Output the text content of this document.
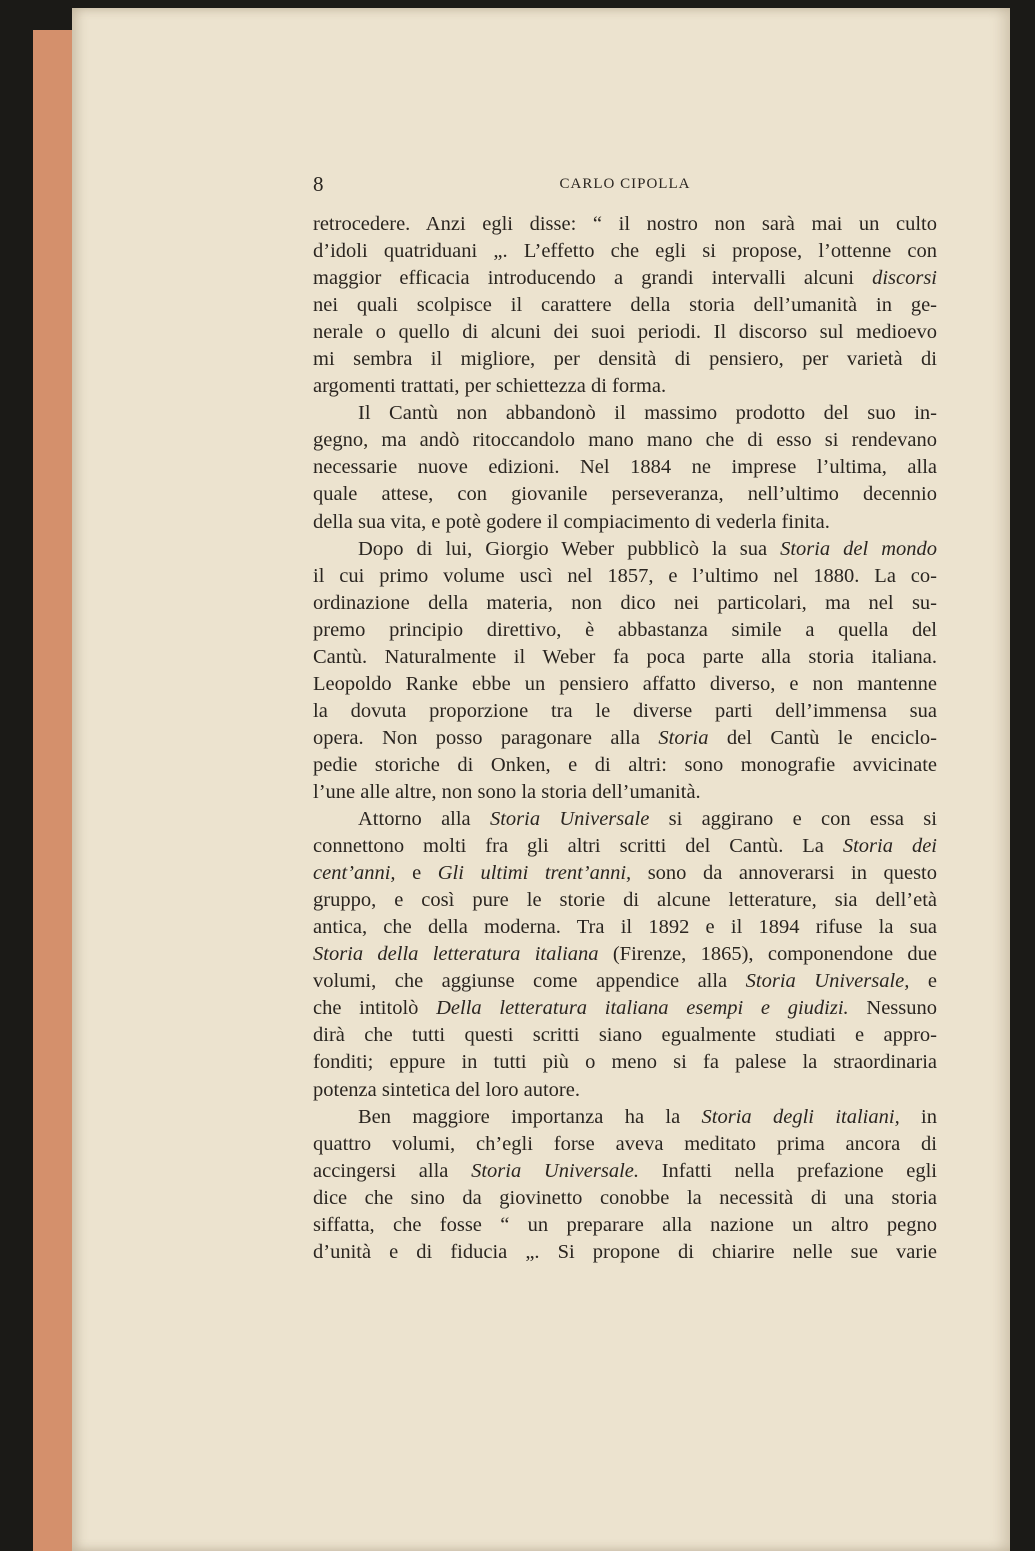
8	CARLO CIPOLLA
retrocedere. Anzi egli disse: “ il nostro non sarà mai un culto
d’idoli quatriduani „. L’effetto che egli si propose, l’ottenne con
maggior efficacia introducendo a grandi intervalli alcuni discorsi
nei quali scolpisce il carattere della storia dell’umanità in ge-
nerale o quello di alcuni dei suoi periodi. Il discorso sul medioevo
mi sembra il migliore, per densità di pensiero, per varietà di
argomenti trattati, per schiettezza di forma.
Il Cantù non abbandonò il massimo prodotto del suo in-
gegno, ma andò ritoccandolo mano mano che di esso si rendevano
necessarie nuove edizioni. Nel 1884 ne imprese l’ultima, alla
quale attese, con giovanile perseveranza, nell’ultimo decennio
della sua vita, e potè godere il compiacimento di vederla finita.
Dopo di lui, Giorgio Weber pubblicò la sua Storia del mondo
il cui primo volume uscì nel 1857, e l’ultimo nel 1880. La co-
ordinazione della materia, non dico nei particolari, ma nel su-
premo principio direttivo, è abbastanza simile a quella del
Cantù. Naturalmente il Weber fa poca parte alla storia italiana.
Leopoldo Ranke ebbe un pensiero affatto diverso, e non mantenne
la dovuta proporzione tra le diverse parti dell’immensa sua
opera. Non posso paragonare alla Storia del Cantù le enciclo-
pedie storiche di Onken, e di altri: sono monografie avvicinate
l’une alle altre, non sono la storia dell’umanità.
Attorno alla Storia Universale si aggirano e con essa si
connettono molti fra gli altri scritti del Cantù. La Storia dei
cent’anni, e Gli ultimi trent’anni, sono da annoverarsi in questo
gruppo, e così pure le storie di alcune letterature, sia dell’età
antica, che della moderna. Tra il 1892 e il 1894 rifuse la sua
Storia della letteratura italiana (Firenze, 1865), componendone due
volumi, che aggiunse come appendice alla Storia Universale, e
che intitolò Della letteratura italiana esempi e giudizi. Nessuno
dirà che tutti questi scritti siano egualmente studiati e appro-
fonditi; eppure in tutti più o meno si fa palese la straordinaria
potenza sintetica del loro autore.
Ben maggiore importanza ha la Storia degli italiani, in
quattro volumi, ch’egli forse aveva meditato prima ancora di
accingersi alla Storia Universale. Infatti nella prefazione egli
dice che sino da giovinetto conobbe la necessità di una storia
siffatta, che fosse “ un preparare alla nazione un altro pegno
d’unità e di fiducia „. Si propone di chiarire nelle sue varie
